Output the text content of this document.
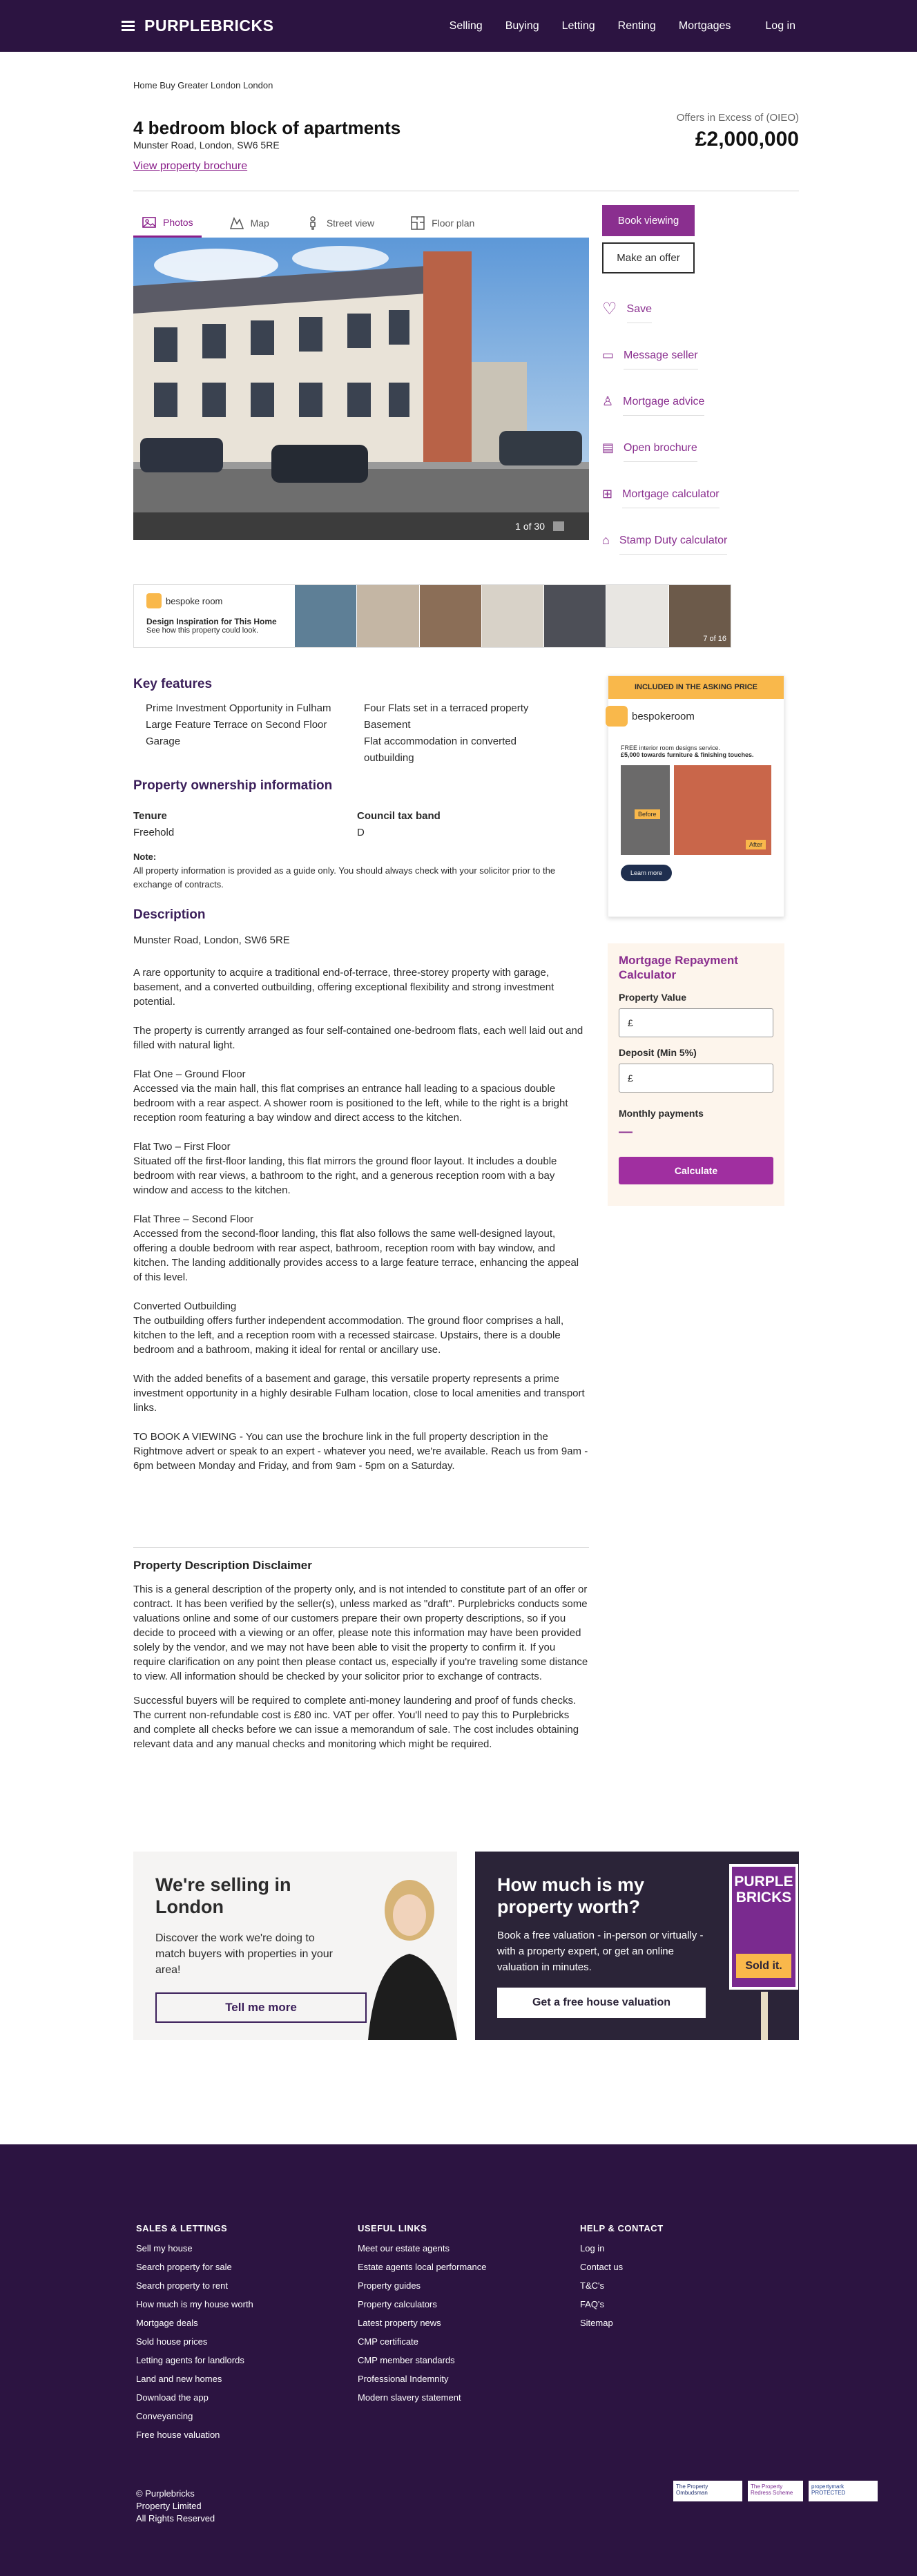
PURPLEBRICKS	Selling Buying Letting Renting Mortgages	Log in
Home Buy Greater London London
4 bedroom block of apartments
Munster Road, London, SW6 5RE
View property brochure
Offers in Excess of (OIEO)
£2,000,000
Photos	Map	Street view	Floor plan
1 of 30
Book viewing
Make an offer
♡ Save
▭ Message seller
♙ Mortgage advice
▤ Open brochure
⊞ Mortgage calculator
⌂ Stamp Duty calculator
bespoke room
Design Inspiration for This Home
See how this property could look.
7 of 16
Key features
Prime Investment Opportunity in Fulham
Large Feature Terrace on Second Floor
Garage
Four Flats set in a terraced property
Basement
Flat accommodation in converted outbuilding
Property ownership information
Tenure
Freehold
Council tax band
D
Note:
All property information is provided as a guide only. You should always check with your solicitor prior to the exchange of contracts.
Description

Munster Road, London, SW6 5RE

A rare opportunity to acquire a traditional end-of-terrace, three-storey property with garage, basement, and a converted outbuilding, offering exceptional flexibility and strong investment potential.

The property is currently arranged as four self-contained one-bedroom flats, each well laid out and filled with natural light.

Flat One – Ground Floor
Accessed via the main hall, this flat comprises an entrance hall leading to a spacious double bedroom with a rear aspect. A shower room is positioned to the left, while to the right is a bright reception room featuring a bay window and direct access to the kitchen.

Flat Two – First Floor
Situated off the first-floor landing, this flat mirrors the ground floor layout. It includes a double bedroom with rear views, a bathroom to the right, and a generous reception room with a bay window and access to the kitchen.

Flat Three – Second Floor
Accessed from the second-floor landing, this flat also follows the same well-designed layout, offering a double bedroom with rear aspect, bathroom, reception room with bay window, and kitchen. The landing additionally provides access to a large feature terrace, enhancing the appeal of this level.

Converted Outbuilding
The outbuilding offers further independent accommodation. The ground floor comprises a hall, kitchen to the left, and a reception room with a recessed staircase. Upstairs, there is a double bedroom and a bathroom, making it ideal for rental or ancillary use.

With the added benefits of a basement and garage, this versatile property represents a prime investment opportunity in a highly desirable Fulham location, close to local amenities and transport links.

TO BOOK A VIEWING - You can use the brochure link in the full property description in the Rightmove advert or speak to an expert - whatever you need, we're available. Reach us from 9am - 6pm between Monday and Friday, and from 9am - 5pm on a Saturday.

Property Description Disclaimer

This is a general description of the property only, and is not intended to constitute part of an offer or contract. It has been verified by the seller(s), unless marked as "draft". Purplebricks conducts some valuations online and some of our customers prepare their own property descriptions, so if you decide to proceed with a viewing or an offer, please note this information may have been provided solely by the vendor, and we may not have been able to visit the property to confirm it. If you require clarification on any point then please contact us, especially if you're traveling some distance to view. All information should be checked by your solicitor prior to exchange of contracts.

Successful buyers will be required to complete anti-money laundering and proof of funds checks. The current non-refundable cost is £80 inc. VAT per offer. You'll need to pay this to Purplebricks and complete all checks before we can issue a memorandum of sale. The cost includes obtaining relevant data and any manual checks and monitoring which might be required.

INCLUDED IN THE ASKING PRICE
bespokeroom
FREE interior room designs service.
£5,000 towards furniture & finishing touches.
Before
After
Learn more
Mortgage Repayment Calculator
Property Value
£
Deposit (Min 5%)
£
Monthly payments
—
Calculate
We're selling in London
Discover the work we're doing to match buyers with properties in your area!
Tell me more
How much is my property worth?
Book a free valuation - in-person or virtually - with a property expert, or get an online valuation in minutes.
Get a free house valuation
PURPLE
BRICKS
Sold it.
SALES & LETTINGS
Sell my house
Search property for sale
Search property to rent
How much is my house worth
Mortgage deals
Sold house prices
Letting agents for landlords
Land and new homes
Download the app
Conveyancing
Free house valuation
USEFUL LINKS
Meet our estate agents
Estate agents local performance
Property guides
Property calculators
Latest property news
CMP certificate
CMP member standards
Professional Indemnity
Modern slavery statement
HELP & CONTACT
Log in
Contact us
T&C's
FAQ's
Sitemap
© Purplebricks
Property Limited
All Rights Reserved
The Property Ombudsman
The Property Redress Scheme
propertymark PROTECTED
